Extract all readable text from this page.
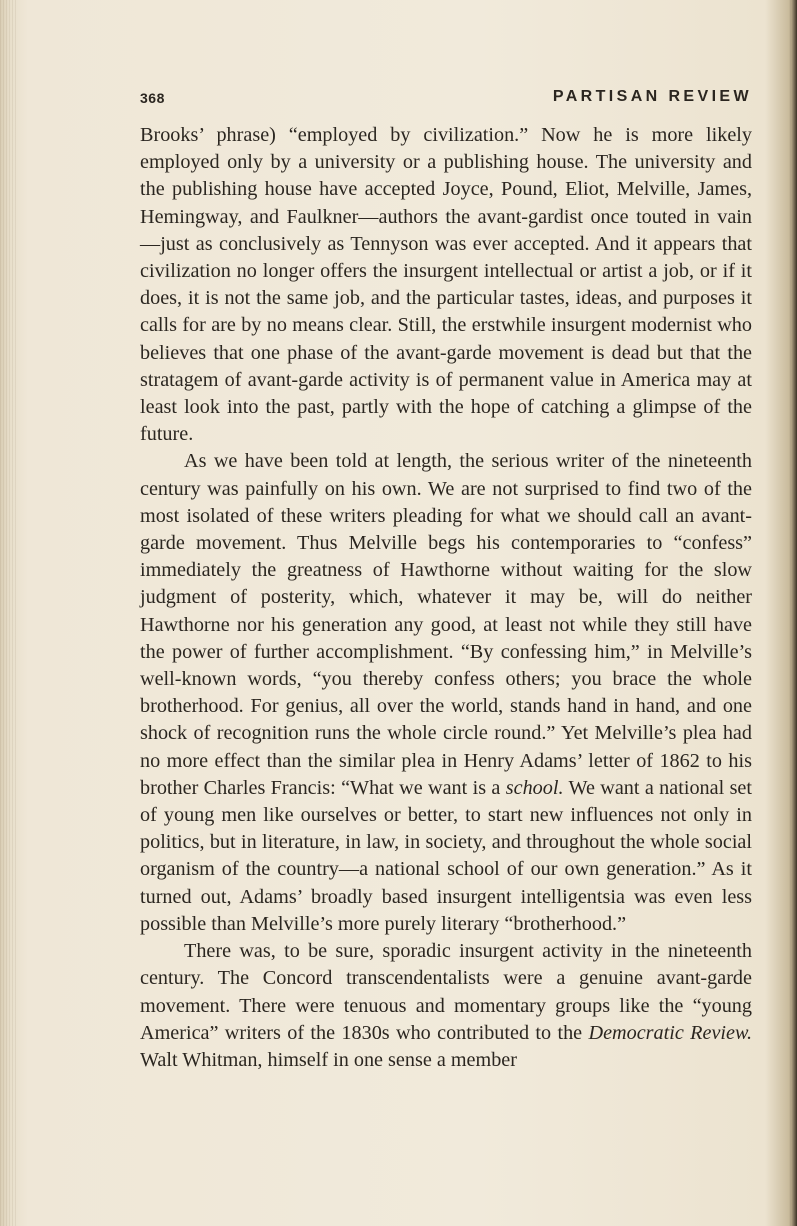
368	PARTISAN REVIEW

Brooks’ phrase) “employed by civilization.” Now he is more likely employed only by a university or a publishing house. The university and the publishing house have accepted Joyce, Pound, Eliot, Melville, James, Hemingway, and Faulkner—authors the avant-gardist once touted in vain—just as conclusively as Tennyson was ever accepted. And it appears that civilization no longer offers the insurgent intellectual or artist a job, or if it does, it is not the same job, and the particular tastes, ideas, and purposes it calls for are by no means clear. Still, the erstwhile insurgent modernist who believes that one phase of the avant-garde movement is dead but that the stratagem of avant-garde activity is of permanent value in America may at least look into the past, partly with the hope of catching a glimpse of the future.

As we have been told at length, the serious writer of the nineteenth century was painfully on his own. We are not surprised to find two of the most isolated of these writers pleading for what we should call an avant-garde movement. Thus Melville begs his contemporaries to “confess” immediately the greatness of Hawthorne without waiting for the slow judgment of posterity, which, whatever it may be, will do neither Hawthorne nor his generation any good, at least not while they still have the power of further accomplishment. “By confessing him,” in Melville’s well-known words, “you thereby confess others; you brace the whole brotherhood. For genius, all over the world, stands hand in hand, and one shock of recognition runs the whole circle round.” Yet Melville’s plea had no more effect than the similar plea in Henry Adams’ letter of 1862 to his brother Charles Francis: “What we want is a school. We want a national set of young men like ourselves or better, to start new influences not only in politics, but in literature, in law, in society, and throughout the whole social organism of the country—a national school of our own generation.” As it turned out, Adams’ broadly based insurgent intelligentsia was even less possible than Melville’s more purely literary “brotherhood.”

There was, to be sure, sporadic insurgent activity in the nineteenth century. The Concord transcendentalists were a genuine avant-garde movement. There were tenuous and momentary groups like the “young America” writers of the 1830s who contributed to the Democratic Review. Walt Whitman, himself in one sense a member
